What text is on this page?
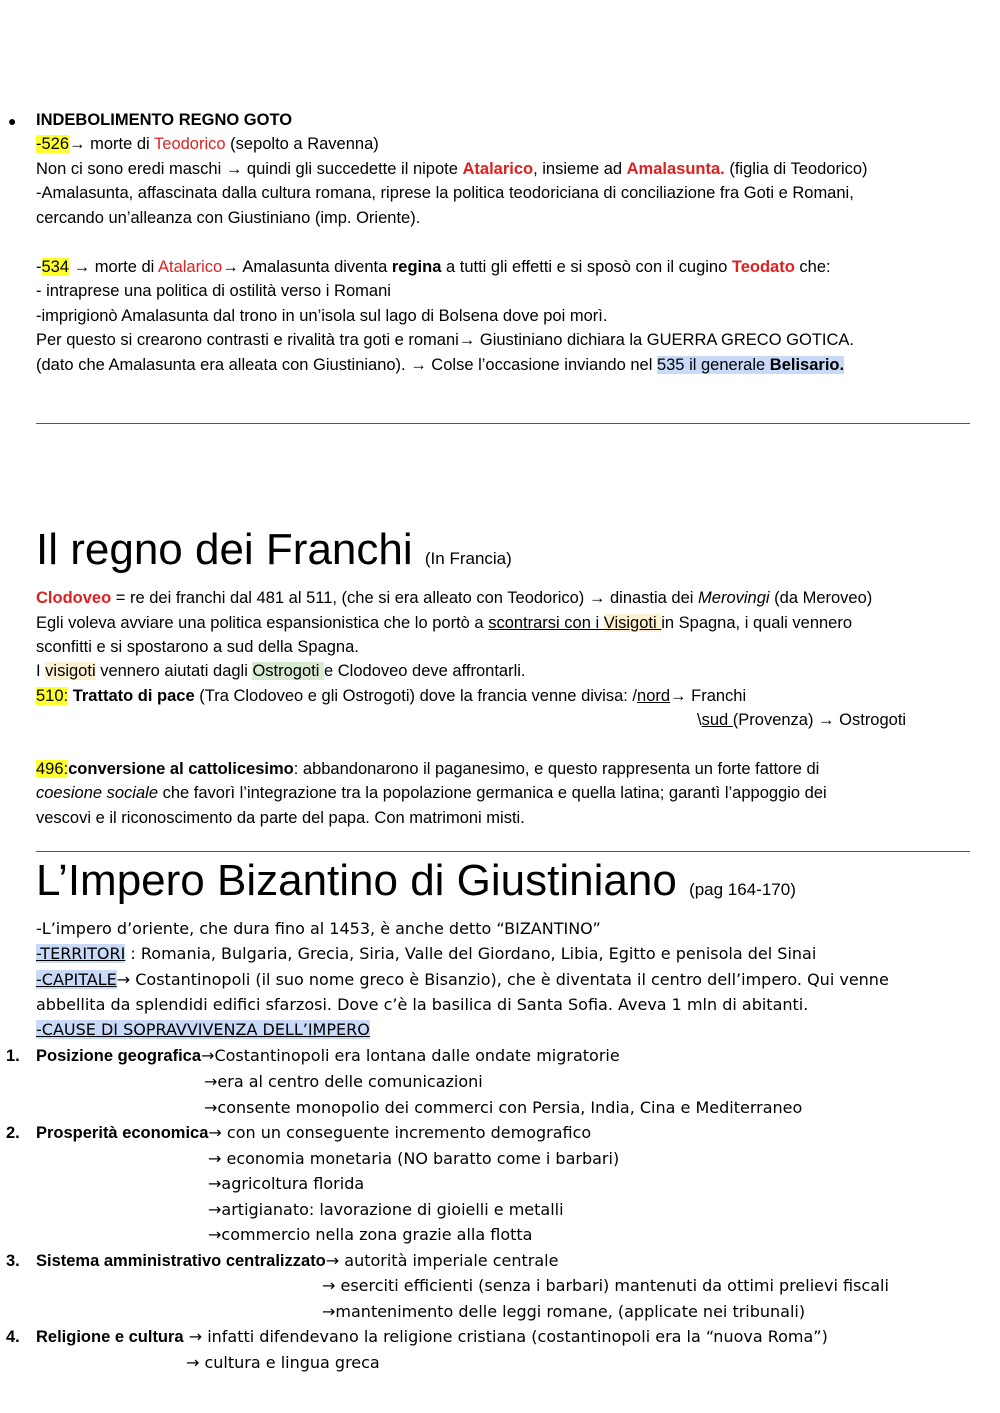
● INDEBOLIMENTO REGNO GOTO
-526→ morte di Teodorico (sepolto a Ravenna)
Non ci sono eredi maschi → quindi gli succedette il nipote Atalarico, insieme ad Amalasunta. (figlia di Teodorico)
-Amalasunta, affascinata dalla cultura romana, riprese la politica teodoriciana di conciliazione fra Goti e Romani,
cercando un’alleanza con Giustiniano (imp. Oriente).
-534 → morte di Atalarico→ Amalasunta diventa regina a tutti gli effetti e si sposò con il cugino Teodato che:
- intraprese una politica di ostilità verso i Romani
-imprigionò Amalasunta dal trono in un’isola sul lago di Bolsena dove poi morì.
Per questo si crearono contrasti e rivalità tra goti e romani→ Giustiniano dichiara la GUERRA GRECO GOTICA.
(dato che Amalasunta era alleata con Giustiniano). → Colse l’occasione inviando nel 535 il generale Belisario.
Il regno dei Franchi (In Francia)
Clodoveo = re dei franchi dal 481 al 511, (che si era alleato con Teodorico) → dinastia dei Merovingi (da Meroveo)
Egli voleva avviare una politica espansionistica che lo portò a scontrarsi con i Visigoti in Spagna, i quali vennero
sconfitti e si spostarono a sud della Spagna.
I visigoti vennero aiutati dagli Ostrogoti e Clodoveo deve affrontarli.
510: Trattato di pace (Tra Clodoveo e gli Ostrogoti) dove la francia venne divisa: /nord→ Franchi
\sud (Provenza) → Ostrogoti
496:conversione al cattolicesimo: abbandonarono il paganesimo, e questo rappresenta un forte fattore di
coesione sociale che favorì l’integrazione tra la popolazione germanica e quella latina; garantì l’appoggio dei
vescovi e il riconoscimento da parte del papa. Con matrimoni misti.
L’Impero Bizantino di Giustiniano (pag 164-170)
-L’impero d’oriente, che dura fino al 1453, è anche detto “BIZANTINO”
-TERRITORI : Romania, Bulgaria, Grecia, Siria, Valle del Giordano, Libia, Egitto e penisola del Sinai
-CAPITALE→ Costantinopoli (il suo nome greco è Bisanzio), che è diventata il centro dell’impero. Qui venne
abbellita da splendidi edifici sfarzosi. Dove c’è la basilica di Santa Sofia. Aveva 1 mln di abitanti.
-CAUSE DI SOPRAVVIVENZA DELL’IMPERO
1. Posizione geografica→Costantinopoli era lontana dalle ondate migratorie
→era al centro delle comunicazioni
→consente monopolio dei commerci con Persia, India, Cina e Mediterraneo
2. Prosperità economica→ con un conseguente incremento demografico
→ economia monetaria (NO baratto come i barbari)
→agricoltura florida
→artigianato: lavorazione di gioielli e metalli
→commercio nella zona grazie alla flotta
3. Sistema amministrativo centralizzato→ autorità imperiale centrale
→ eserciti efficienti (senza i barbari) mantenuti da ottimi prelievi fiscali
→mantenimento delle leggi romane, (applicate nei tribunali)
4. Religione e cultura → infatti difendevano la religione cristiana (costantinopoli era la “nuova Roma”)
→ cultura e lingua greca
